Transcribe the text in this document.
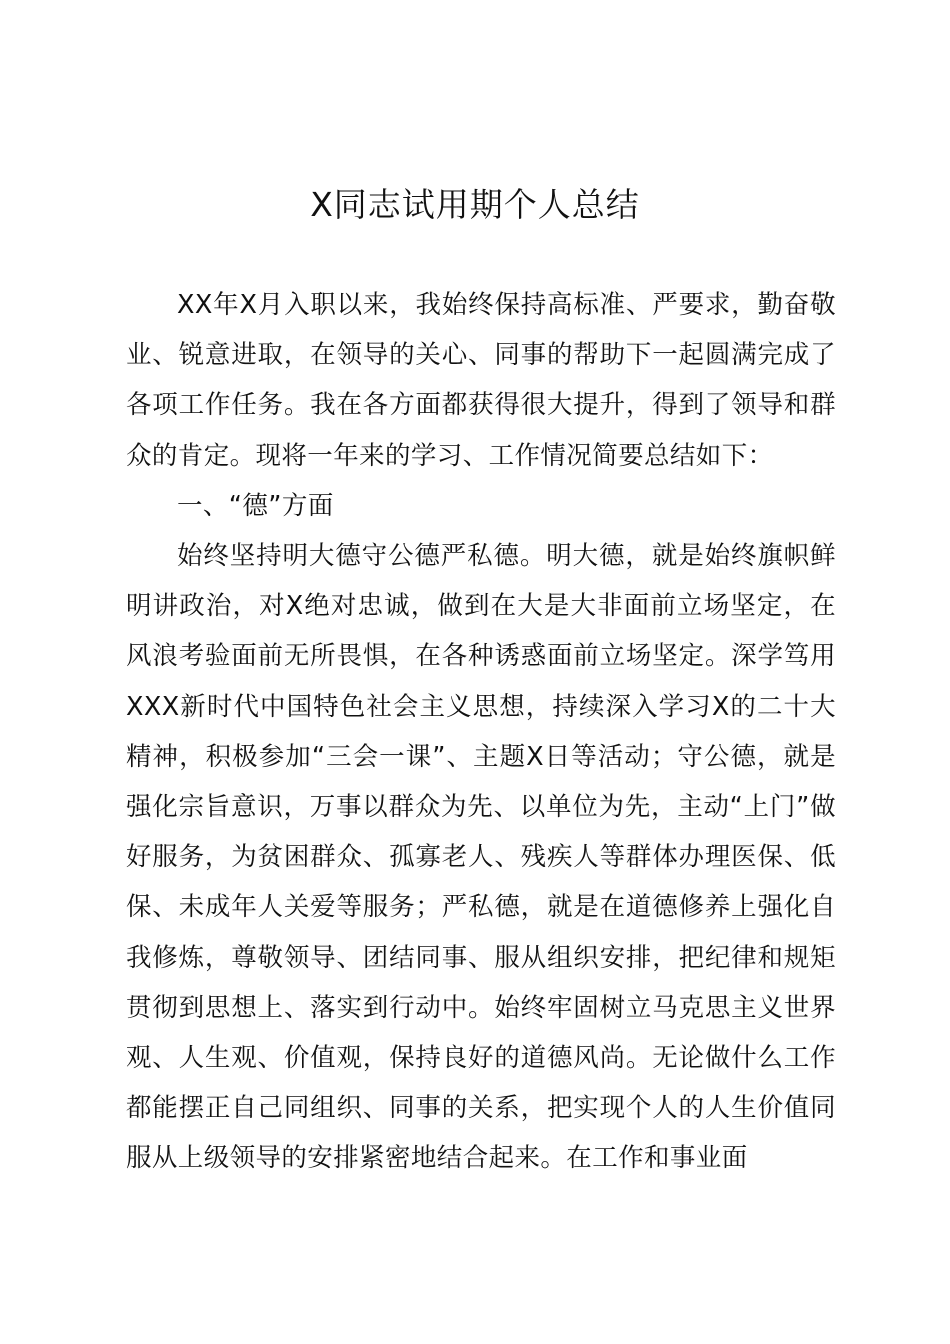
X同志试用期个人总结

XX年X月入职以来，我始终保持高标准、严要求，勤奋敬业、锐意进取，在领导的关心、同事的帮助下一起圆满完成了各项工作任务。我在各方面都获得很大提升，得到了领导和群众的肯定。现将一年来的学习、工作情况简要总结如下：

一、“德”方面

始终坚持明大德守公德严私德。明大德，就是始终旗帜鲜明讲政治，对X绝对忠诚，做到在大是大非面前立场坚定，在风浪考验面前无所畏惧，在各种诱惑面前立场坚定。深学笃用XXX新时代中国特色社会主义思想，持续深入学习X的二十大精神，积极参加“三会一课”、主题X日等活动；守公德，就是强化宗旨意识，万事以群众为先、以单位为先，主动“上门”做好服务，为贫困群众、孤寡老人、残疾人等群体办理医保、低保、未成年人关爱等服务；严私德，就是在道德修养上强化自我修炼，尊敬领导、团结同事、服从组织安排，把纪律和规矩贯彻到思想上、落实到行动中。始终牢固树立马克思主义世界观、人生观、价值观，保持良好的道德风尚。无论做什么工作都能摆正自己同组织、同事的关系，把实现个人的人生价值同服从上级领导的安排紧密地结合起来。在工作和事业面
